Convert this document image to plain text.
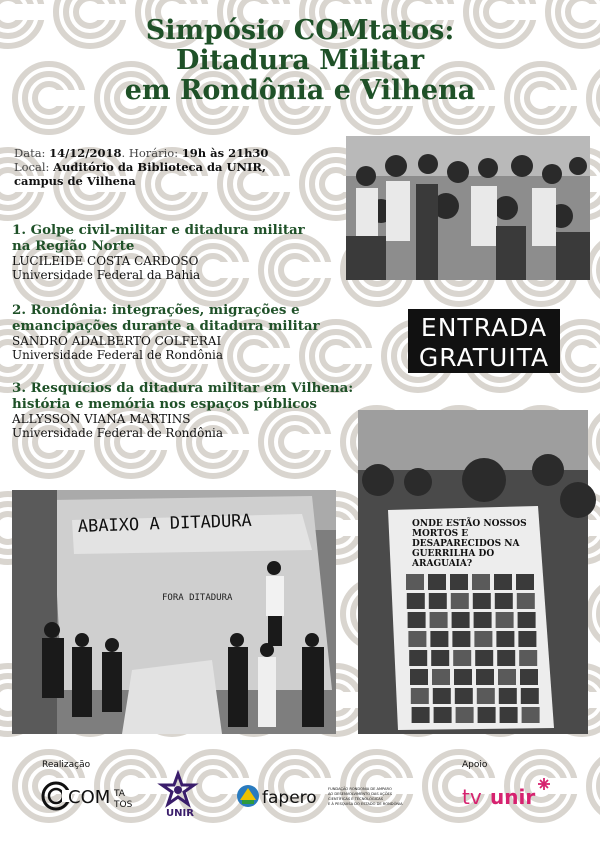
Simpósio COMtatos:
Ditadura Militar
em Rondônia e Vilhena
Data: 14/12/2018. Horário: 19h às 21h30
Local: Auditório da Biblioteca da UNIR,
campus de Vilhena
1. Golpe civil-militar e ditadura militar
na Região Norte
LUCILEIDE COSTA CARDOSO
Universidade Federal da Bahia
2. Rondônia: integrações, migrações e
emancipações durante a ditadura militar
SANDRO ADALBERTO COLFERAI
Universidade Federal de Rondônia
3. Resquícios da ditadura militar em Vilhena:
história e memória nos espaços públicos
ALLYSSON VIANA MARTINS
Universidade Federal de Rondônia
ENTRADA
GRATUITA
ABAIXO A DITADURA
FORA DITADURA
ONDE ESTÃO NOSSOS
MORTOS E
DESAPARECIDOS NA
GUERRILHA DO
ARAGUAIA?
Realização	Apoio
COM TA
TOS
UNIR
fapero	FUNDAÇÃO RONDONIA DE AMPARO
AO DESENVOLVIMENTO DAS AÇÕES
CIENTÍFICAS E TECNOLÓGICAS
E À PESQUISA DO ESTADO DE RONDÔNIA	tv unir
